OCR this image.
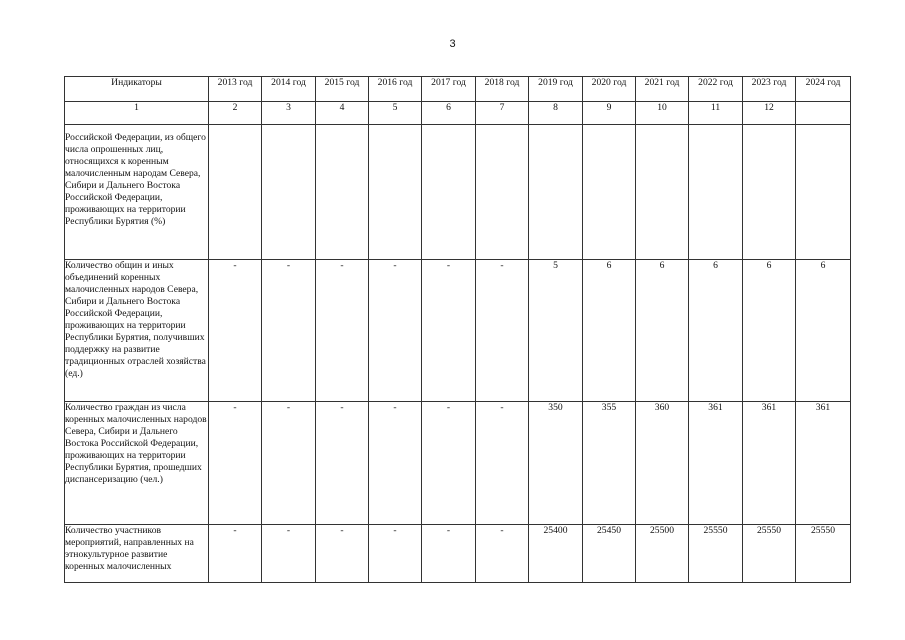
3
Индикаторы	2013 год	2014 год	2015 год	2016 год	2017 год	2018 год	2019 год	2020 год	2021 год	2022 год	2023 год	2024 год
1	2	3	4	5	6	7	8	9	10	11	12	
Российской Федерации, из общего числа опрошенных лиц, относящихся к коренным малочисленным народам Севера, Сибири и Дальнего Востока Российской Федерации, проживающих на территории Республики Бурятия (%)												
Количество общин и иных объединений коренных малочисленных народов Севера, Сибири и Дальнего Востока Российской Федерации, проживающих на территории Республики Бурятия, получивших поддержку на развитие традиционных отраслей хозяйства (ед.)	-	-	-	-	-	-	5	6	6	6	6	6
Количество граждан из числа коренных малочисленных народов Севера, Сибири и Дальнего Востока Российской Федерации, проживающих на территории Республики Бурятия, прошедших диспансеризацию (чел.)	-	-	-	-	-	-	350	355	360	361	361	361
Количество участников мероприятий, направленных на этнокультурное развитие коренных малочисленных	-	-	-	-	-	-	25400	25450	25500	25550	25550	25550
